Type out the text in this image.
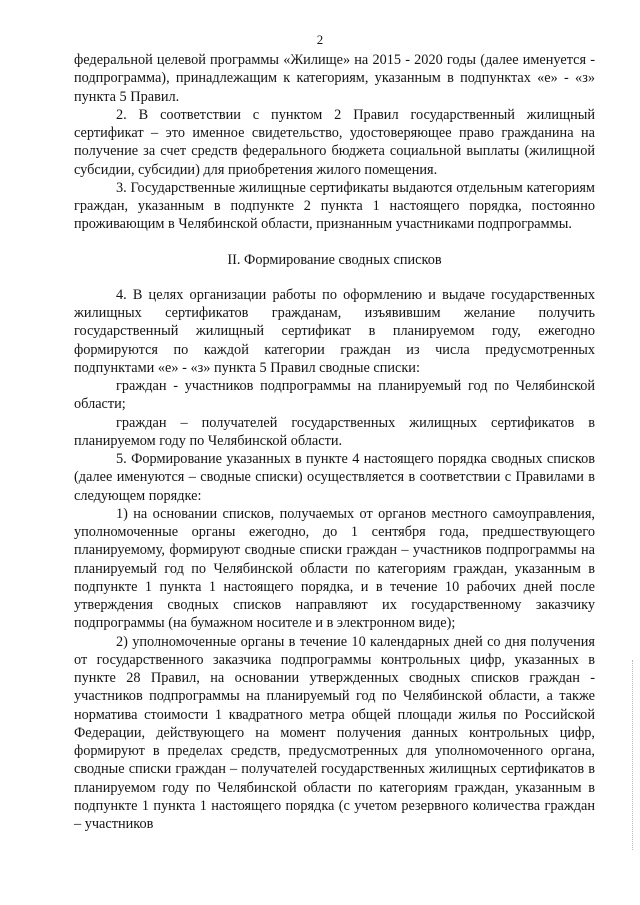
2

федеральной целевой программы «Жилище» на 2015 - 2020 годы (далее именуется - подпрограмма), принадлежащим к категориям, указанным в подпунктах «е» - «з» пункта 5 Правил.

2. В соответствии с пунктом 2 Правил государственный жилищный сертификат – это именное свидетельство, удостоверяющее право гражданина на получение за счет средств федерального бюджета социальной выплаты (жилищной субсидии, субсидии) для приобретения жилого помещения.

3. Государственные жилищные сертификаты выдаются отдельным категориям граждан, указанным в подпункте 2 пункта 1 настоящего порядка, постоянно проживающим в Челябинской области, признанным участниками подпрограммы.

II. Формирование сводных списков

4. В целях организации работы по оформлению и выдаче государственных жилищных сертификатов гражданам, изъявившим желание получить государственный жилищный сертификат в планируемом году, ежегодно формируются по каждой категории граждан из числа предусмотренных подпунктами «е» - «з» пункта 5 Правил сводные списки:

граждан - участников подпрограммы на планируемый год по Челябинской области;

граждан – получателей государственных жилищных сертификатов в планируемом году по Челябинской области.

5. Формирование указанных в пункте 4 настоящего порядка сводных списков (далее именуются – сводные списки) осуществляется в соответствии с Правилами в следующем порядке:

1) на основании списков, получаемых от органов местного самоуправления, уполномоченные органы ежегодно, до 1 сентября года, предшествующего планируемому, формируют сводные списки граждан – участников подпрограммы на планируемый год по Челябинской области по категориям граждан, указанным в подпункте 1 пункта 1 настоящего порядка, и в течение 10 рабочих дней после утверждения сводных списков направляют их государственному заказчику подпрограммы (на бумажном носителе и в электронном виде);

2) уполномоченные органы в течение 10 календарных дней со дня получения от государственного заказчика подпрограммы контрольных цифр, указанных в пункте 28 Правил, на основании утвержденных сводных списков граждан - участников подпрограммы на планируемый год по Челябинской области, а также норматива стоимости 1 квадратного метра общей площади жилья по Российской Федерации, действующего на момент получения данных контрольных цифр, формируют в пределах средств, предусмотренных для уполномоченного органа, сводные списки граждан – получателей государственных жилищных сертификатов в планируемом году по Челябинской области по категориям граждан, указанным в подпункте 1 пункта 1 настоящего порядка (с учетом резервного количества граждан – участников
